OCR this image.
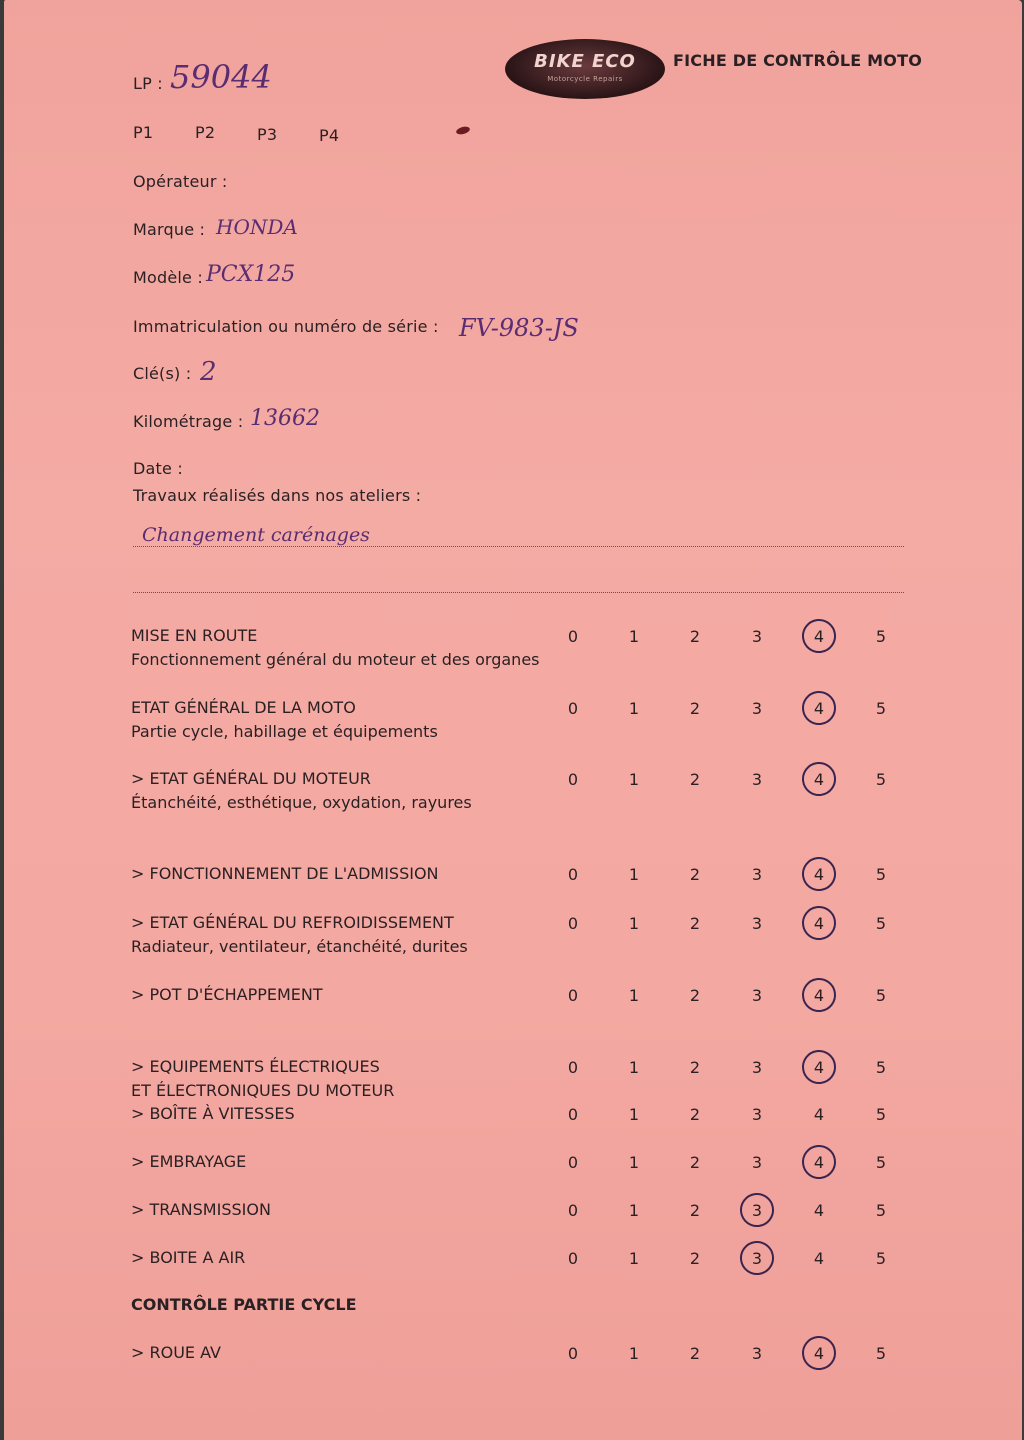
BIKE ECO
Motorcycle Repairs
FICHE DE CONTRÔLE MOTO
LP : 59044
P1	P2	P3	P4
Opérateur :
Marque : HONDA
Modèle : PCX125
Immatriculation ou numéro de série : FV-983-JS
Clé(s) : 2
Kilométrage : 13662
Date :
Travaux réalisés dans nos ateliers :
Changement carénages
MISE EN ROUTE
Fonctionnement général du moteur et des organes
0	1	2	3	4	5
ETAT GÉNÉRAL DE LA MOTO
Partie cycle, habillage et équipements
0	1	2	3	4	5
> ETAT GÉNÉRAL DU MOTEUR
Étanchéité, esthétique, oxydation, rayures
0	1	2	3	4	5
> FONCTIONNEMENT DE L'ADMISSION	0	1	2	3	4	5
> ETAT GÉNÉRAL DU REFROIDISSEMENT
Radiateur, ventilateur, étanchéité, durites
0	1	2	3	4	5
> POT D'ÉCHAPPEMENT	0	1	2	3	4	5
> EQUIPEMENTS ÉLECTRIQUES
ET ÉLECTRONIQUES DU MOTEUR
0	1	2	3	4	5
> BOÎTE À VITESSES	0	1	2	3	4	5
> EMBRAYAGE	0	1	2	3	4	5
> TRANSMISSION	0	1	2	3	4	5
> BOITE A AIR	0	1	2	3	4	5
CONTRÔLE PARTIE CYCLE
> ROUE AV	0	1	2	3	4	5
